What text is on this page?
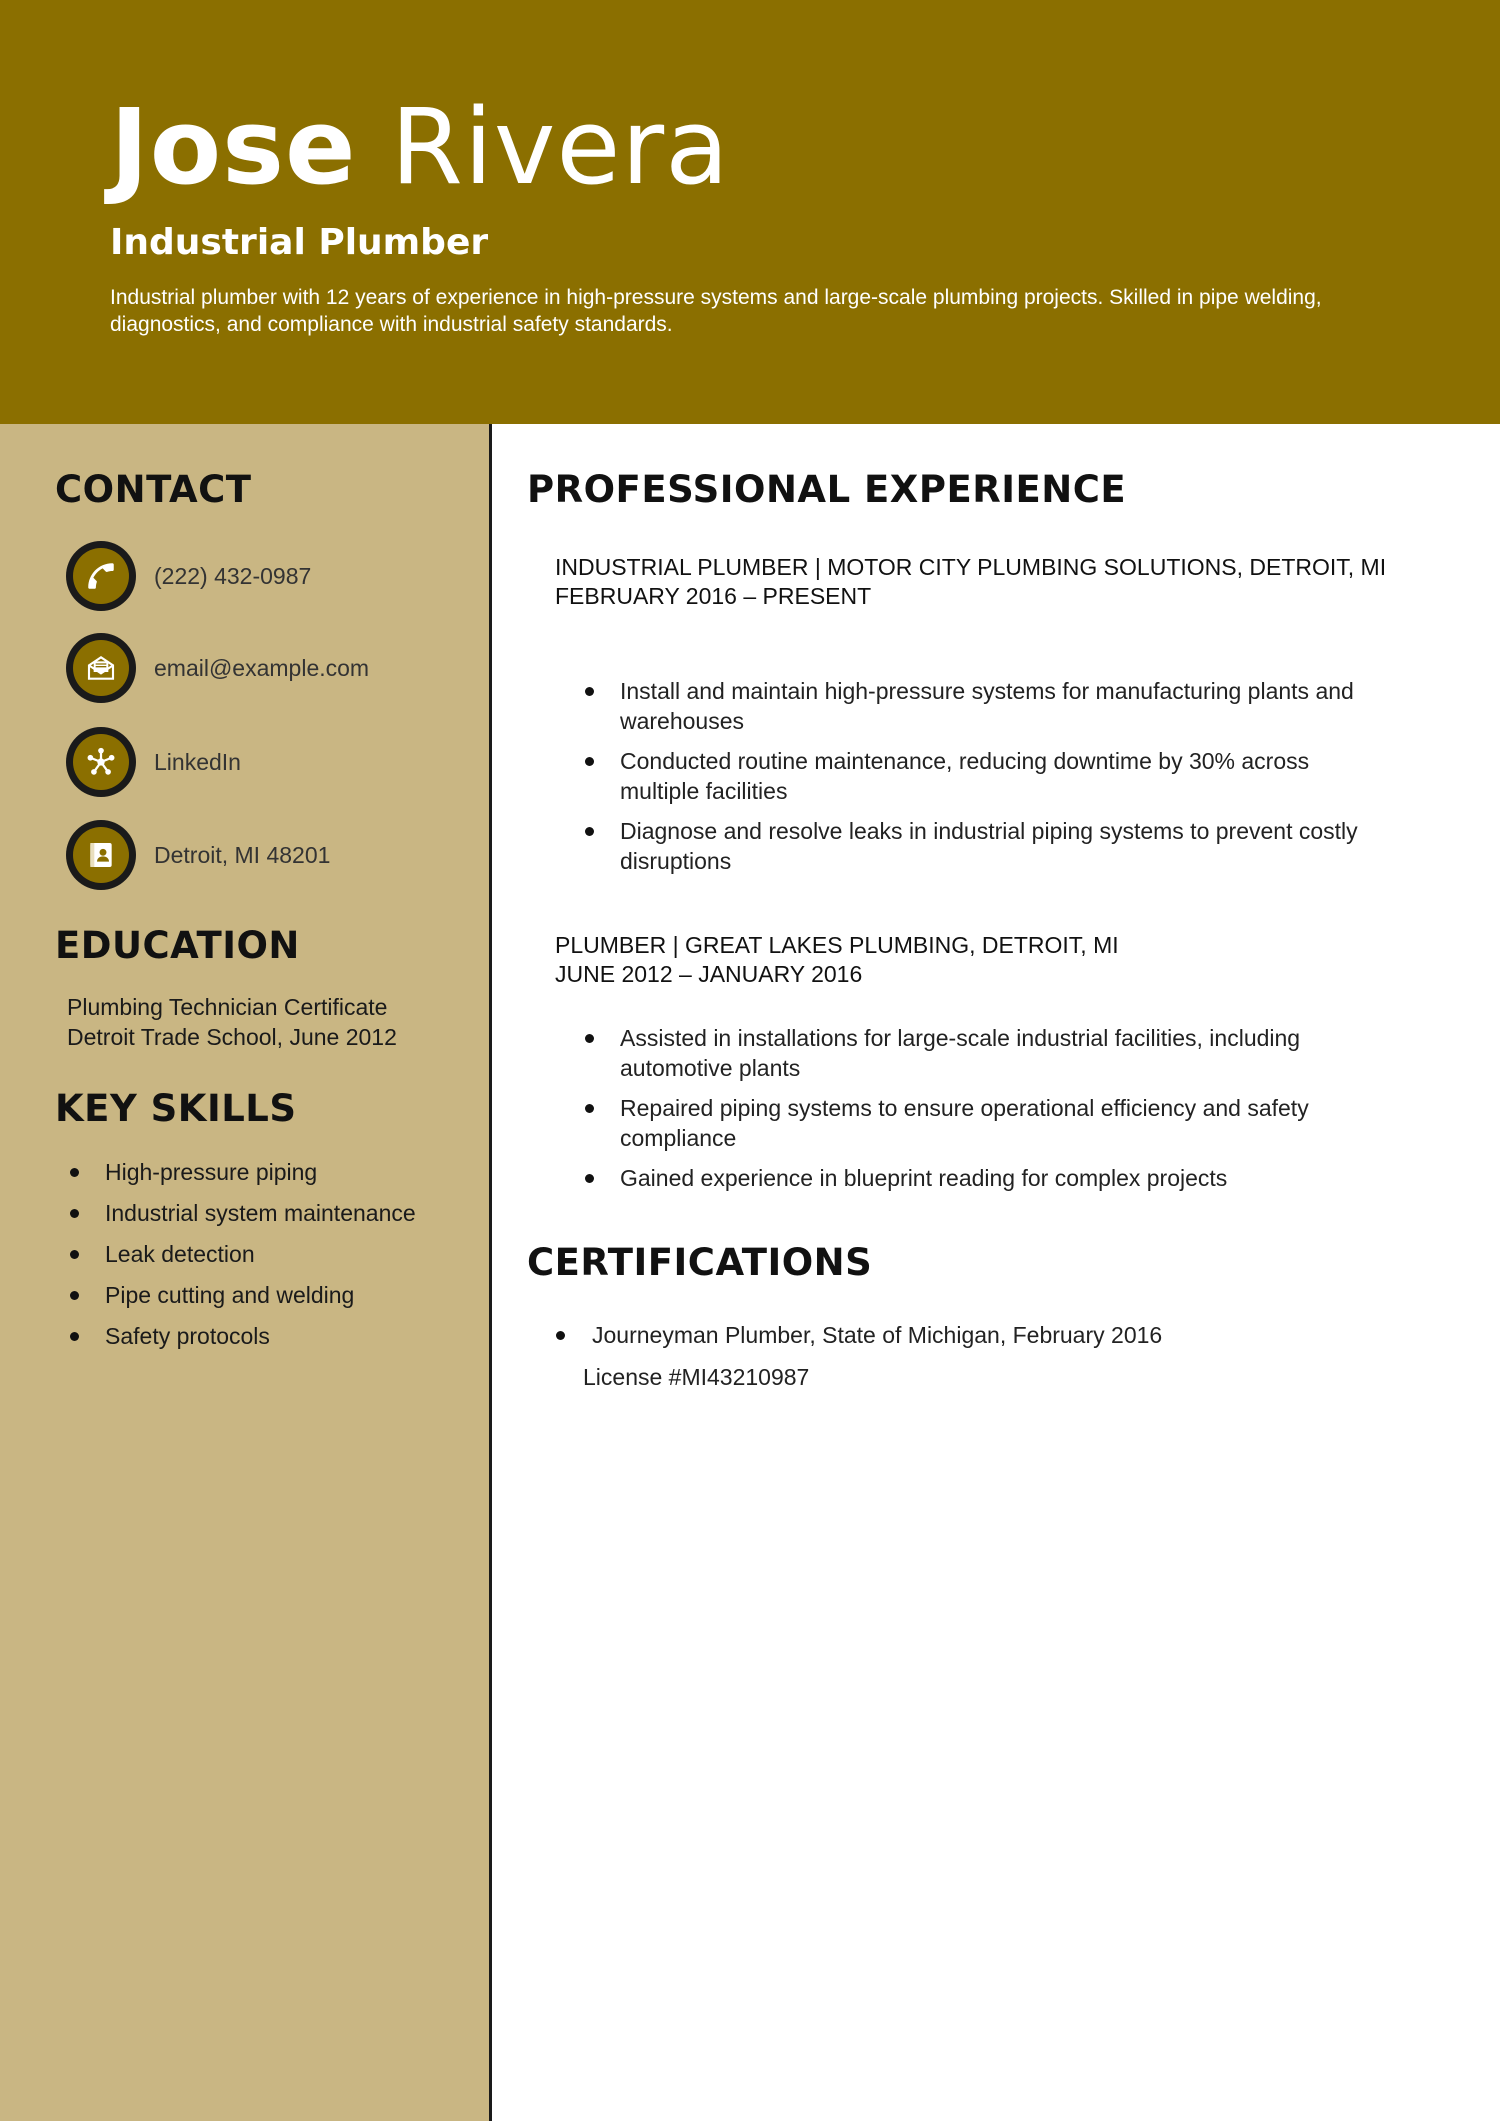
Jose Rivera
Industrial Plumber
Industrial plumber with 12 years of experience in high-pressure systems and large-scale plumbing projects. Skilled in pipe welding, diagnostics, and compliance with industrial safety standards.
CONTACT
(222) 432-0987
email@example.com
LinkedIn
Detroit, MI 48201
EDUCATION
Plumbing Technician Certificate
Detroit Trade School, June 2012
KEY SKILLS
High-pressure piping
Industrial system maintenance
Leak detection
Pipe cutting and welding
Safety protocols
PROFESSIONAL EXPERIENCE
INDUSTRIAL PLUMBER | MOTOR CITY PLUMBING SOLUTIONS, DETROIT, MI
FEBRUARY 2016 – PRESENT
Install and maintain high-pressure systems for manufacturing plants and warehouses
Conducted routine maintenance, reducing downtime by 30% across multiple facilities
Diagnose and resolve leaks in industrial piping systems to prevent costly disruptions
PLUMBER | GREAT LAKES PLUMBING, DETROIT, MI
JUNE 2012 – JANUARY 2016
Assisted in installations for large-scale industrial facilities, including automotive plants
Repaired piping systems to ensure operational efficiency and safety compliance
Gained experience in blueprint reading for complex projects
CERTIFICATIONS
Journeyman Plumber, State of Michigan, February 2016
License #MI43210987
